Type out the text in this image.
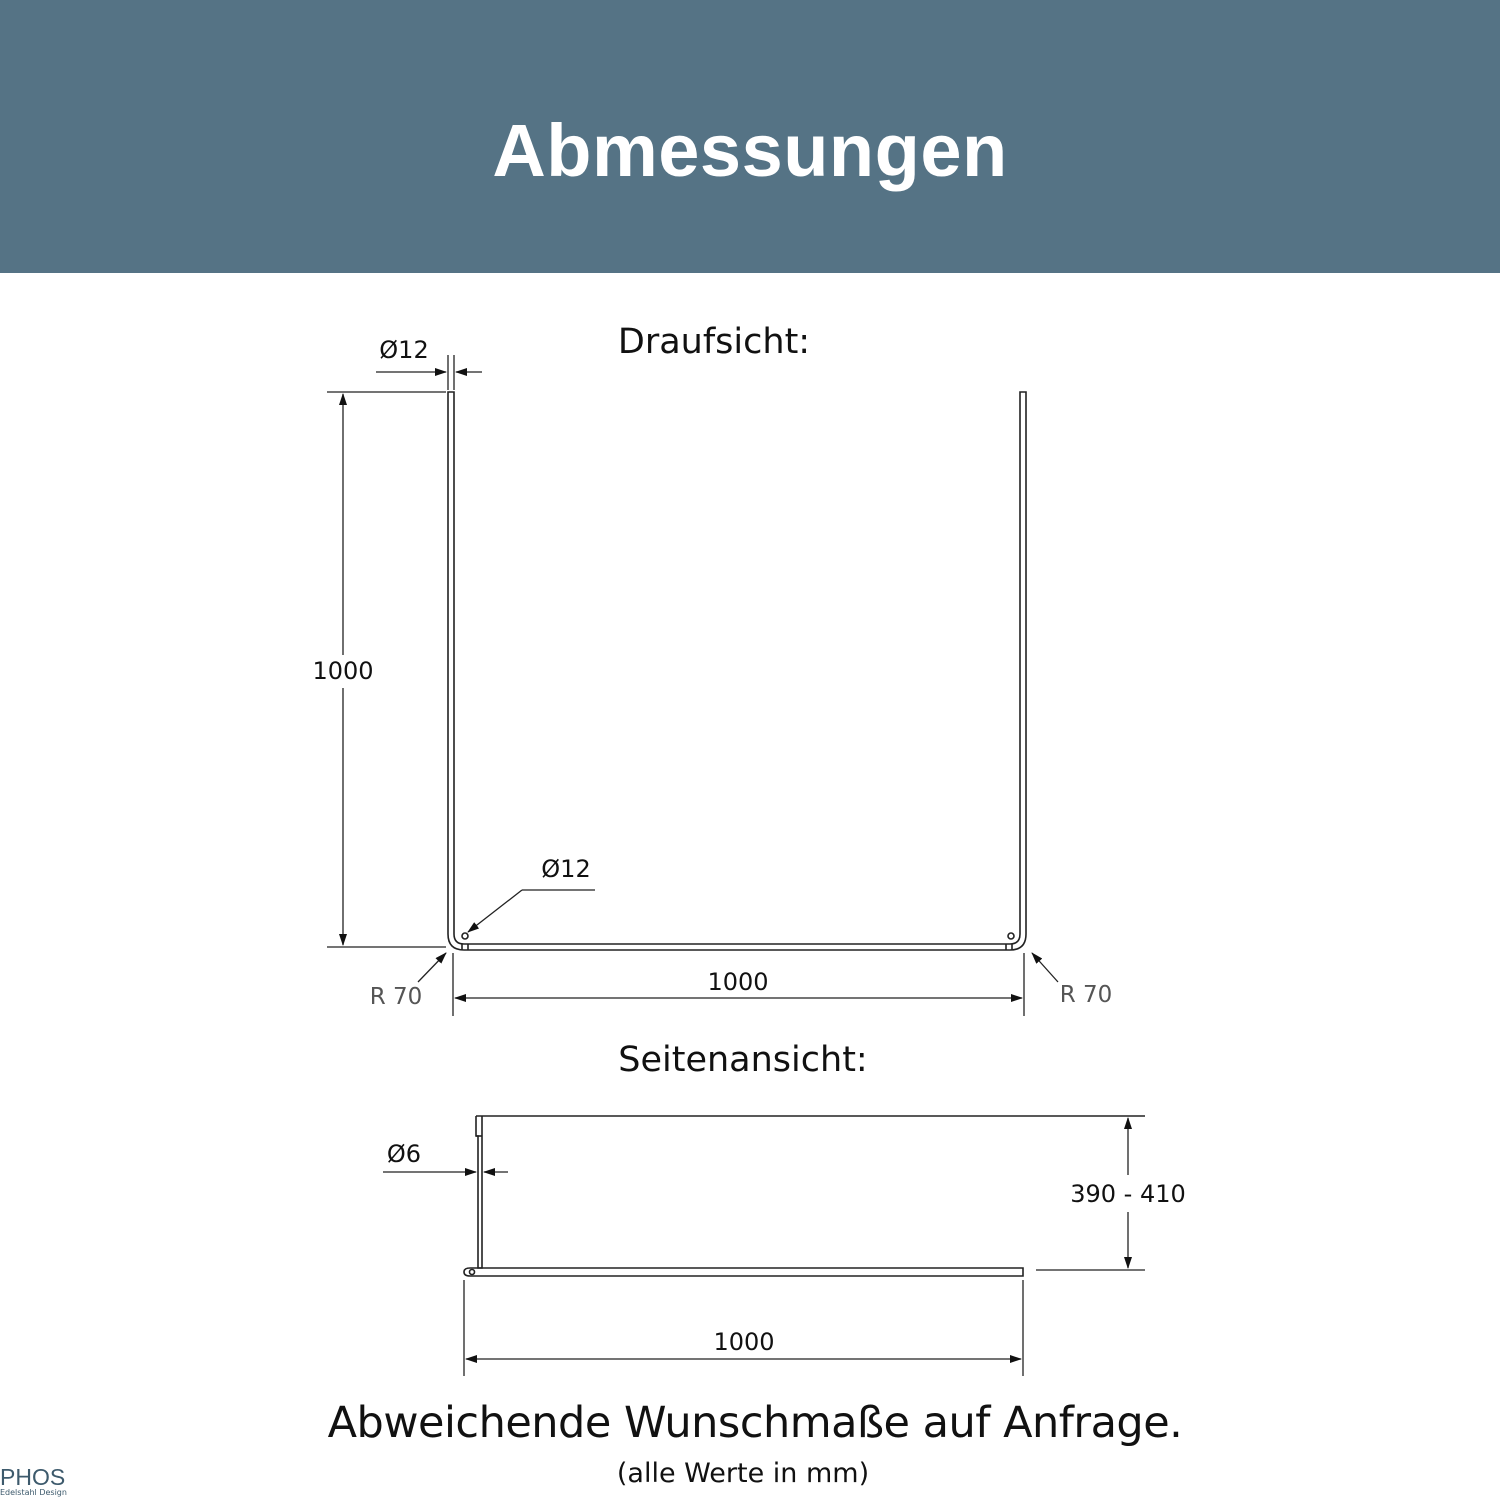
Abmessungen
Draufsicht:
Ø12
1000
Ø12
R 70	R 70
1000
Seitenansicht:
Ø6
390 - 410
1000
Abweichende Wunschmaße auf Anfrage.
(alle Werte in mm)
PHOS
Edelstahl Design
